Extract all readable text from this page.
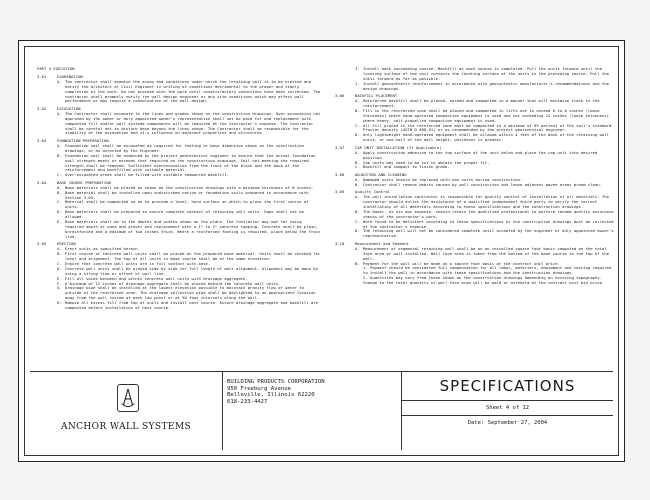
PART 3 EXECUTION
3.01	EXAMINATION
A. The contractor shall examine the areas and conditions under which the retaining wall is to be erected and notify the Architect or Civil Engineer in writing of conditions detrimental to the proper and timely completion of the work. Do not proceed with the work until unsatisfactory conditions have been corrected. The contractor shall promptly notify the wall design engineer or any site conditions which may affect wall performance or may require a reevaluation of the wall design.
3.02	EXCAVATION
A. The Contractor shall excavate to the lines and grades shown on the construction drawings. Over-excavation not approved by the owner or duly appointed owner's representative shall not be paid for and replacement with compacted fill and/or wall systems components will be required at the Contractor's expense. The Contractor shall be careful not to disturb base beyond the lines shown. The Contractor shall be responsible for the stability of the excavation and it's influence on adjacent properties and structures.
3.03	FOUNDATION PREPARATION
A. Foundation soil shall be excavated as required for footing or base dimension shown on the construction drawings, or as directed by the Engineer.
B. Foundation soil shall be examined by the project geotechnical engineer to ensure that the actual foundation soil strength meets or exceeds that required on the construction drawings. Soil not meeting the required strength shall be removed. Sufficient overexcavation from the front of the block and the back of the reinforcement and backfilled with suitable material.
C. Over-excavated areas shall be filled with suitable compacted backfill.
3.04	BASE COURSE PREPARATION
A. Base materials shall be placed as shown on the construction drawings with a minimum thickness of 6 inches.
B. Base material shall be installed upon undisturbed native or foundation soils prepared in accordance with Section 3.03.
C. Material shall be compacted so as to provide a level, hard surface on which to place the first course of units.
D. Base materials shall be prepared to ensure complete contact of retaining wall units. Gaps shall not be allowed.
E. Base materials shall be to the depths and widths shown on the plans. The Contractor may opt for using required depth of sand and gravel and replacement with a 1" to 2" concrete topping. Concrete shall be plain, unreinforced and a maximum of two inches thick. Where a reinforced footing is required, place below the frost line.
3.05	ERECTION
A. Erect units as specified herein.
B. First course of concrete wall units shall be placed on the prepared base material. Units shall be checked for level and alignment. The top of all units in base course shall be at the same elevation.
C. Ensure that concrete wall units are in full contact with base.
D. Concrete wall units shall be placed side by side for full length of wall alignment. Alignment may be done by using a string line or offset of wall line.
E. Fill all voids between and within concrete wall units with drainage aggregate.
F. A minimum of 12 inches of drainage aggregate shall be placed behind the concrete wall units.
G. Drainage pipe shall be installed at the lowest elevation possible to maintain gravity flow of water to outside of the reinforced zone. The drainage collection pipe shall be daylighted to an appropriate location away from the wall system at each low point or at 50 foot intervals along the wall.
H. Remove all excess fill from top of units and install next course. Ensure drainage aggregate and backfill are compacted before installation of next course.
I. Install each succeeding course. Backfill as each course is completed. Pull the units forward until the locating surface of the unit contacts the locating surface of the units in the preceding course. Pull the units forward as far as possible.
J. Install geosynthetic reinforcement in accordance with geosynthetic manufacturer's recommendations and the design drawings.
3.06	BACKFILL PLACEMENT
A. Reinforced backfill shall be placed, spread and compacted in a manner that will minimize slack in the reinforcement.
B. Fill in the reinforced zone shall be placed and compacted in lifts not to exceed 6 to 8 inches (loose thickness) where hand-operated compaction equipment is used and not exceeding 12 inches (loose thickness) where heavy, self-propelled compaction equipment is used.
C. All fill placed in the reinforced zone must be compacted to a minimum of 95 percent of the soil's standard Proctor density (ASTM D 698-91) or as recommended by the project geotechnical engineer.
D. Only lightweight hand-operated equipment shall be allowed within 4 feet of the back of the retaining wall units, or one-half of the wall height, whichever is greater.
3.07	CAP UNIT INSTALLATION (If Applicable)
A. Apply construction adhesive to the top surface of the unit below and place the cap unit into desired position.
B. Cap units may need to be cut to obtain the proper fit.
C. Backfill and compact to finish grade.
3.08	ADJUSTING AND CLEANING
A. Damaged units should be replaced with new units during construction.
B. Contractor shall remove debris caused by wall construction and leave adjacent paved areas broom clean.
3.09	Quality Control
A. The wall installation contractor is responsible for quality control of installation of all materials. The contractor should enlist the assistance of a qualified independent third party to verify the correct installation of all materials according to these specifications and the construction drawings.
B. The Owner, at his own expense, should retain the qualified professional to perform random quality assurance checks of the contractor's work.
C. Work found to be deficient according to these specifications or the construction drawings must be corrected at the contractor's expense.
D. The retaining wall will not be considered complete until accepted by the engineer or duly appointed owner's representative.
3.10	Measurement and Payment
A. Measurement of segmental retaining wall shall be on an installed square foot basis computed on the total face area of wall installed. Wall face area is taken from the bottom of the base course to the top of the wall.
B. Payment for the wall will be made on a square foot basis at the contract unit price.
1. Payment should be considered full compensation for all labor, materials, equipment and testing required to install the wall in accordance with these specifications and the construction drawings.
2. Quantities may vary from those shown on the construction drawings depending on existing topography. Change to the total quantity of wall face area will be paid or withheld at the contract unit bid price.
ANCHOR WALL SYSTEMS
BUILDING PRODUCTS CORPORATION
950 Freeburg Avenue
Belleville, Illinois 62220
618-233-4427
SPECIFICATIONS
Sheet 4 of 12
Date: September 27, 2004
